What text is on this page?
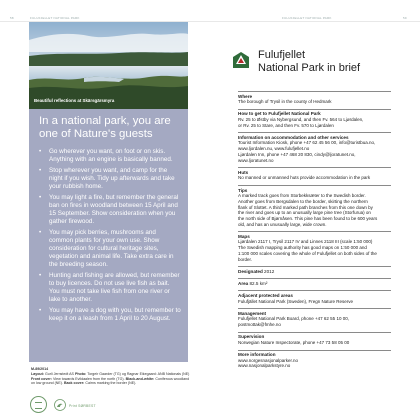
58	FULUFJELLET NATIONAL PARK	FULUFJELLET NATIONAL PARK	59
Beautiful reflections at Skärsgärsmyra
In a national park, you are
one of Nature's guests
• Go wherever you want, on foot or on skis.
Anything with an engine is basically banned.
• Stop wherever you want, and camp for the
night if you wish. Tidy up afterwards and take
your rubbish home.
• You may light a fire, but remember the general
ban on fires in woodland between 15 April and
15 September. Show consideration when you
gather firewood.
• You may pick berries, mushrooms and
common plants for your own use. Show
consideration for cultural heritage sites,
vegetation and animal life. Take extra care in
the breeding season.
• Hunting and fishing are allowed, but remember
to buy licences. Do not use live fish as bait.
You must not take live fish from one river or
lake to another.
• You may have a dog with you, but remember to
keep it on a leash from 1 April to 20 August.
M-89/2014
Layout: Gurli Jernstedt AS Photo: Torgeir Gaarder (TG) og Ragnar Eikegaard: ANB Nationals (NE)
Front cover: View towards Evildaalen from the north (TG). Black-and-white: Coniferous woodland
on low ground (NE). Back cover: Cairns marking the border (NE).
Print SØRBEST
Fulufjellet
National Park in brief
Where
The borough of Trysil in the county of Hedmark
How to get to Fulufjellet National Park
Rv. 25 to Østby via Nybergsund, and then Fv. 564 to Ljørdalen,
or Rv. 25 to Stare, and then Fv. 570 to Ljørdalen
Information on accommodation and other services
Tourist Information Kiosk, phone +47 62 45 56 00, info@turistbua.no,
www.ljordalen.nu, www.fulufjellet.no
Ljørdalen Inn, phone +47 468 20 830, cindy@ljoratunet.no,
www.ljoratunet.no
Huts
No manned or unmanned huts provide accommodation in the park
Tips
A marked track goes from Storbekksæter to the Swedish border.
Another goes from Bergsdalen to the border, skirting the northern
flank of Slottet. A third marked path branches from this one down by
the river and goes up to an unusually large pine tree (Storfurua) on
the north side of Bjørnåsen. This pine has been found to be 600 years
old, and has an unusually large, wide crown.
Maps
Ljørdalen 2117 I, Trysil 2117 IV and Linnes 2118 III (scale 1:50 000)
The Swedish mapping authority has good maps on 1:50 000 and
1:100 000 scales covering the whole of Fulufjellet on both sides of the
border.
Designated 2012
Area 82.5 km²
Adjacent protected areas
Fulufjället National Park (Sweden), Fregn Nature Reserve
Management
Fulufjellet National Park Board, phone +47 62 55 10 00,
postmottak@fmhe.no
Supervision
Norwegian Nature Inspectorate, phone +47 73 58 05 00
More information
www.norgesnasjonalparker.no
www.nasjonalparkstyre.no
